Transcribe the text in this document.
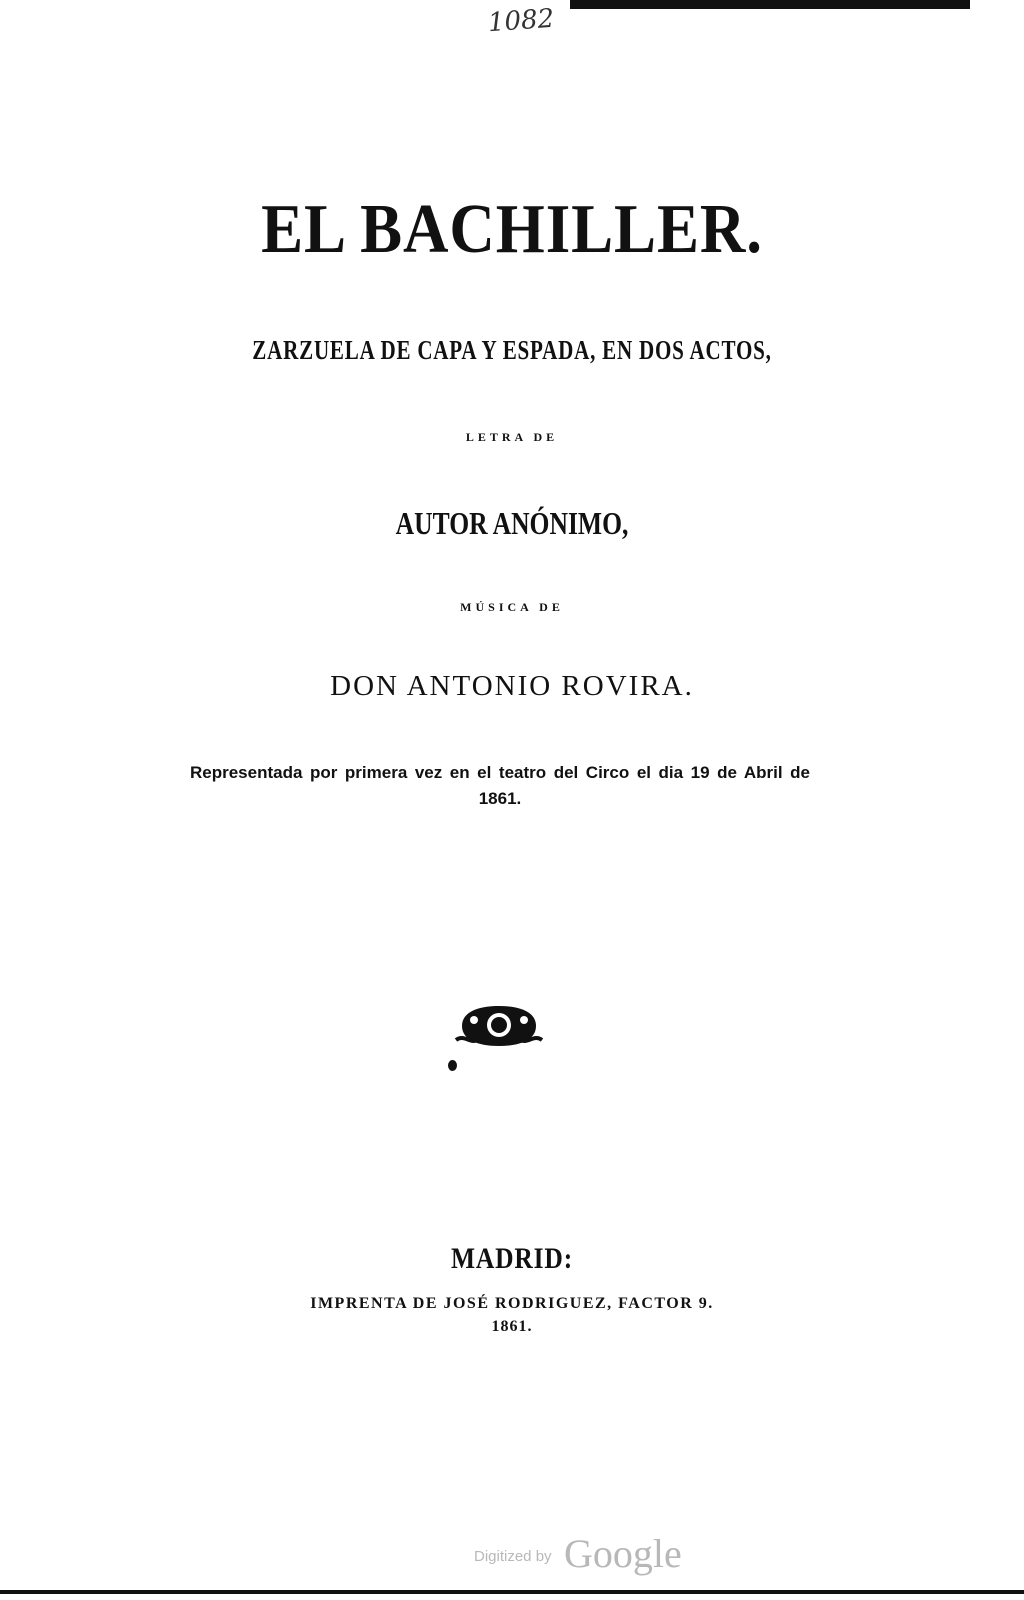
1082
EL BACHILLER.
ZARZUELA DE CAPA Y ESPADA, EN DOS ACTOS,
LETRA DE
AUTOR ANÓNIMO,
MÚSICA DE
DON ANTONIO ROVIRA.
Representada por primera vez en el teatro del Circo el dia 19 de Abril de 1861.
MADRID:
IMPRENTA DE JOSÉ RODRIGUEZ, FACTOR 9.
1861.
Digitized by Google
